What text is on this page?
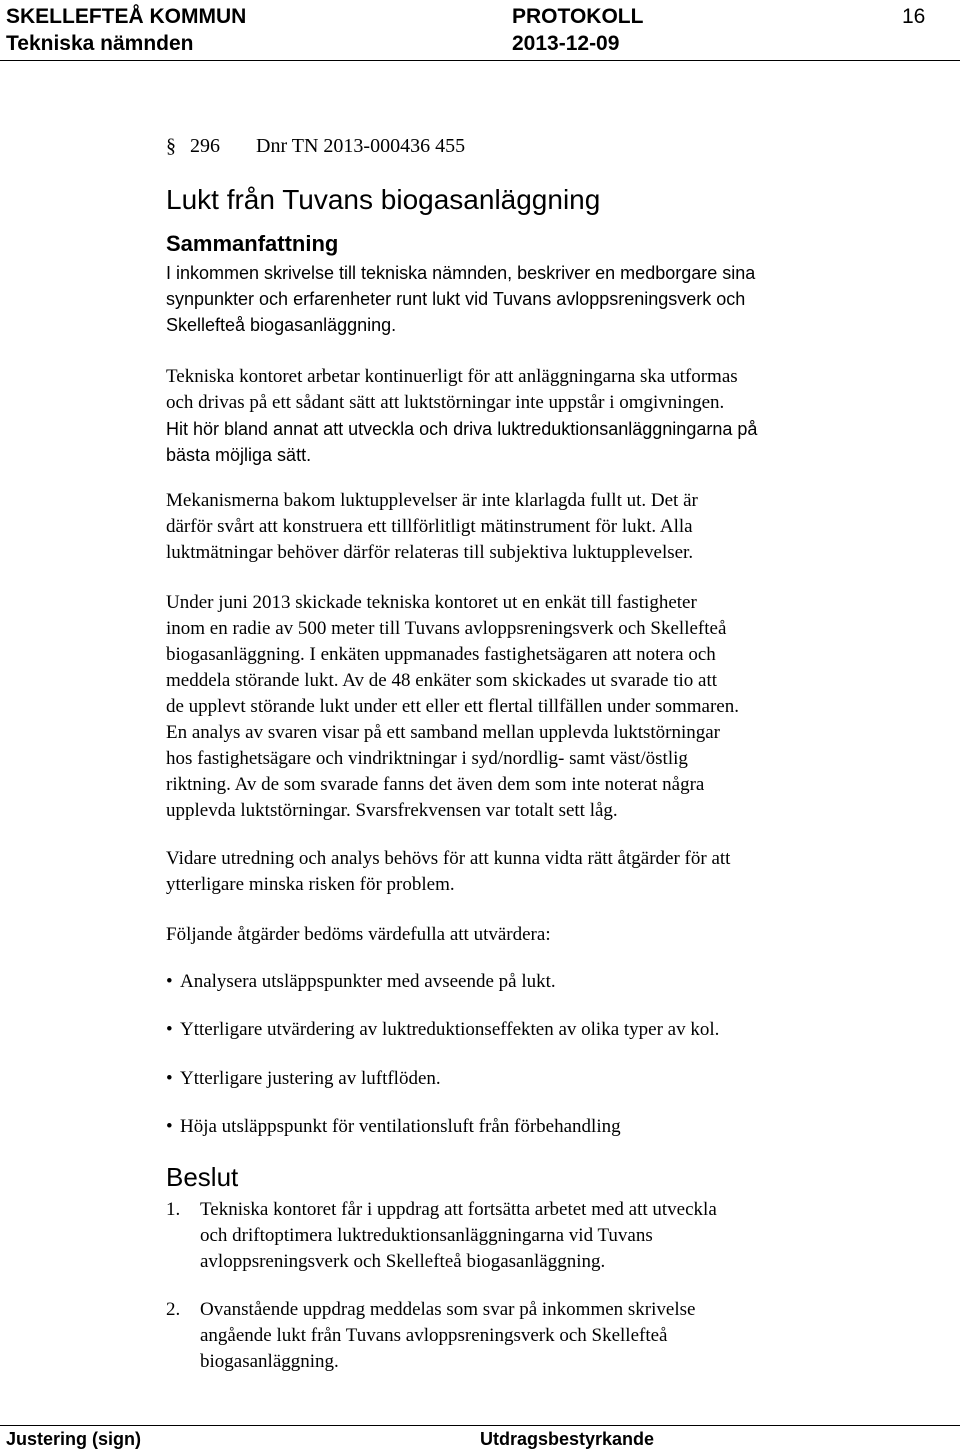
SKELLEFTEÅ KOMMUN	PROTOKOLL	16
Tekniska nämnden	2013-12-09
§ 296 Dnr TN 2013-000436 455
Lukt från Tuvans biogasanläggning
Sammanfattning
I inkommen skrivelse till tekniska nämnden, beskriver en medborgare sina
synpunkter och erfarenheter runt lukt vid Tuvans avloppsreningsverk och
Skellefteå biogasanläggning.
Tekniska kontoret arbetar kontinuerligt för att anläggningarna ska utformas
och drivas på ett sådant sätt att luktstörningar inte uppstår i omgivningen.
Hit hör bland annat att utveckla och driva luktreduktionsanläggningarna på
bästa möjliga sätt.
Mekanismerna bakom luktupplevelser är inte klarlagda fullt ut. Det är
därför svårt att konstruera ett tillförlitligt mätinstrument för lukt. Alla
luktmätningar behöver därför relateras till subjektiva luktupplevelser.
Under juni 2013 skickade tekniska kontoret ut en enkät till fastigheter
inom en radie av 500 meter till Tuvans avloppsreningsverk och Skellefteå
biogasanläggning. I enkäten uppmanades fastighetsägaren att notera och
meddela störande lukt. Av de 48 enkäter som skickades ut svarade tio att
de upplevt störande lukt under ett eller ett flertal tillfällen under sommaren.
En analys av svaren visar på ett samband mellan upplevda luktstörningar
hos fastighetsägare och vindriktningar i syd/nordlig- samt väst/östlig
riktning. Av de som svarade fanns det även dem som inte noterat några
upplevda luktstörningar. Svarsfrekvensen var totalt sett låg.
Vidare utredning och analys behövs för att kunna vidta rätt åtgärder för att
ytterligare minska risken för problem.
Följande åtgärder bedöms värdefulla att utvärdera:
• Analysera utsläppspunkter med avseende på lukt.
• Ytterligare utvärdering av luktreduktionseffekten av olika typer av kol.
• Ytterligare justering av luftflöden.
• Höja utsläppspunkt för ventilationsluft från förbehandling
Beslut
1. Tekniska kontoret får i uppdrag att fortsätta arbetet med att utveckla
och driftoptimera luktreduktionsanläggningarna vid Tuvans
avloppsreningsverk och Skellefteå biogasanläggning.
2. Ovanstående uppdrag meddelas som svar på inkommen skrivelse
angående lukt från Tuvans avloppsreningsverk och Skellefteå
biogasanläggning.
Justering (sign)	Utdragsbestyrkande
